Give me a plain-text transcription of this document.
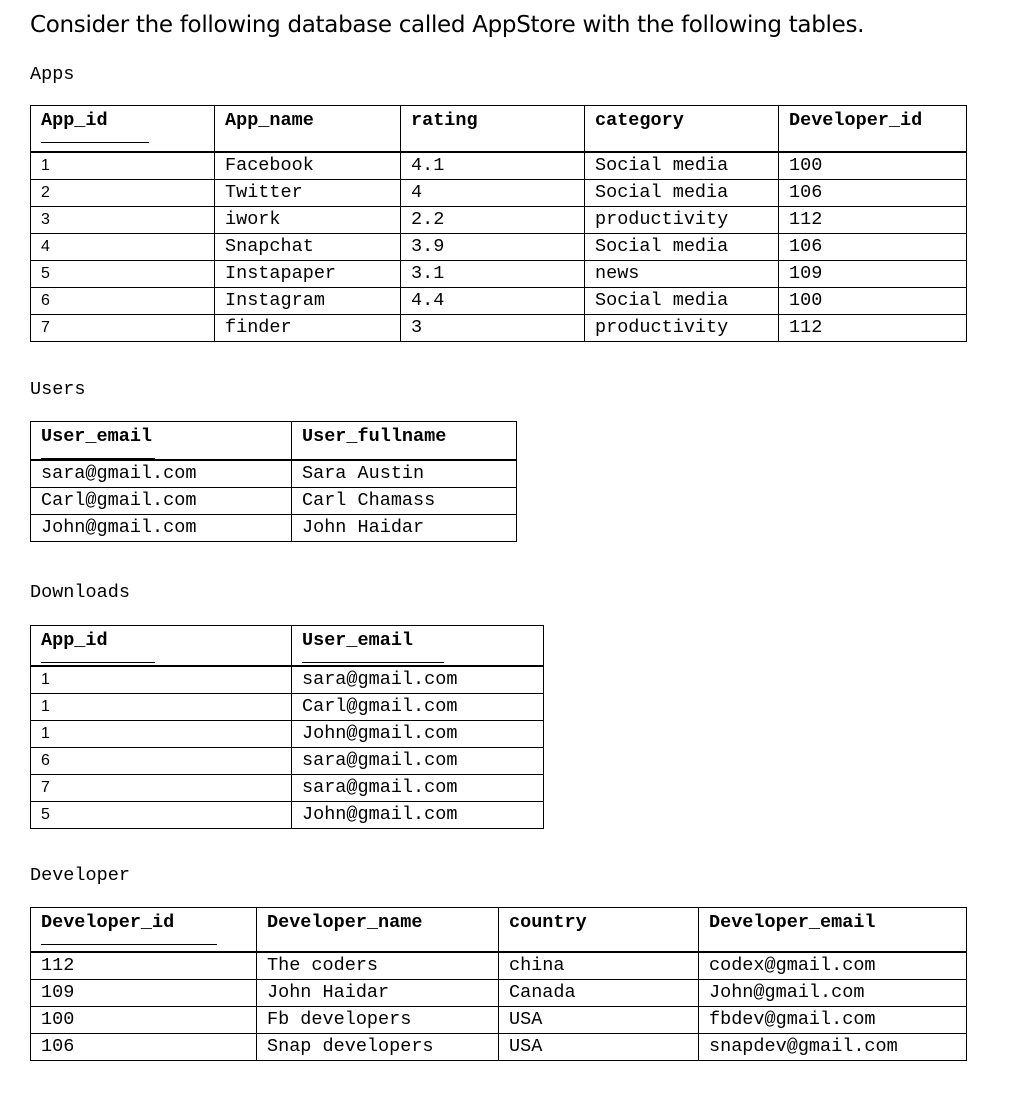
Consider the following database called AppStore with the following tables.
Apps
App_id	App_name	rating	category	Developer_id
1	Facebook	4.1	Social media	100
2	Twitter	4	Social media	106
3	iwork	2.2	productivity	112
4	Snapchat	3.9	Social media	106
5	Instapaper	3.1	news	109
6	Instagram	4.4	Social media	100
7	finder	3	productivity	112
Users
User_email	User_fullname
sara@gmail.com	Sara Austin
Carl@gmail.com	Carl Chamass
John@gmail.com	John Haidar
Downloads
App_id	User_email
1	sara@gmail.com
1	Carl@gmail.com
1	John@gmail.com
6	sara@gmail.com
7	sara@gmail.com
5	John@gmail.com
Developer
Developer_id	Developer_name	country	Developer_email
112	The coders	china	codex@gmail.com
109	John Haidar	Canada	John@gmail.com
100	Fb developers	USA	fbdev@gmail.com
106	Snap developers	USA	snapdev@gmail.com
